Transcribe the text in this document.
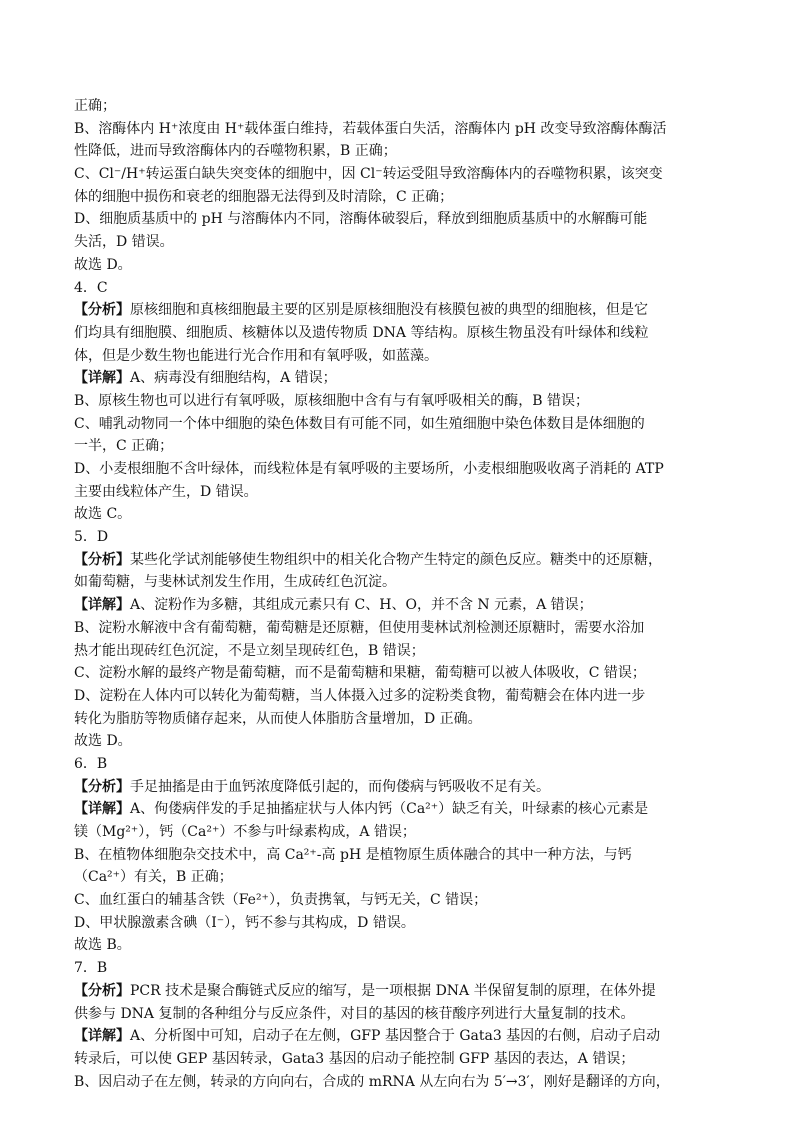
正确；
B、溶酶体内 H⁺浓度由 H⁺载体蛋白维持，若载体蛋白失活，溶酶体内 pH 改变导致溶酶体酶活
性降低，进而导致溶酶体内的吞噬物积累，B 正确；
C、Cl⁻/H⁺转运蛋白缺失突变体的细胞中，因 Cl⁻转运受阻导致溶酶体内的吞噬物积累，该突变
体的细胞中损伤和衰老的细胞器无法得到及时清除，C 正确；
D、细胞质基质中的 pH 与溶酶体内不同，溶酶体破裂后，释放到细胞质基质中的水解酶可能
失活，D 错误。
故选 D。
4．C
【分析】原核细胞和真核细胞最主要的区别是原核细胞没有核膜包被的典型的细胞核，但是它
们均具有细胞膜、细胞质、核糖体以及遗传物质 DNA 等结构。原核生物虽没有叶绿体和线粒
体，但是少数生物也能进行光合作用和有氧呼吸，如蓝藻。
【详解】A、病毒没有细胞结构，A 错误；
B、原核生物也可以进行有氧呼吸，原核细胞中含有与有氧呼吸相关的酶，B 错误；
C、哺乳动物同一个体中细胞的染色体数目有可能不同，如生殖细胞中染色体数目是体细胞的
一半，C 正确；
D、小麦根细胞不含叶绿体，而线粒体是有氧呼吸的主要场所，小麦根细胞吸收离子消耗的 ATP
主要由线粒体产生，D 错误。
故选 C。
5．D
【分析】某些化学试剂能够使生物组织中的相关化合物产生特定的颜色反应。糖类中的还原糖，
如葡萄糖，与斐林试剂发生作用，生成砖红色沉淀。
【详解】A、淀粉作为多糖，其组成元素只有 C、H、O，并不含 N 元素，A 错误；
B、淀粉水解液中含有葡萄糖，葡萄糖是还原糖，但使用斐林试剂检测还原糖时，需要水浴加
热才能出现砖红色沉淀，不是立刻呈现砖红色，B 错误；
C、淀粉水解的最终产物是葡萄糖，而不是葡萄糖和果糖，葡萄糖可以被人体吸收，C 错误；
D、淀粉在人体内可以转化为葡萄糖，当人体摄入过多的淀粉类食物，葡萄糖会在体内进一步
转化为脂肪等物质储存起来，从而使人体脂肪含量增加，D 正确。
故选 D。
6．B
【分析】手足抽搐是由于血钙浓度降低引起的，而佝偻病与钙吸收不足有关。
【详解】A、佝偻病伴发的手足抽搐症状与人体内钙（Ca²⁺）缺乏有关，叶绿素的核心元素是
镁（Mg²⁺），钙（Ca²⁺）不参与叶绿素构成，A 错误；
B、在植物体细胞杂交技术中，高 Ca²⁺-高 pH 是植物原生质体融合的其中一种方法，与钙
（Ca²⁺）有关，B 正确；
C、血红蛋白的辅基含铁（Fe²⁺），负责携氧，与钙无关，C 错误；
D、甲状腺激素含碘（I⁻），钙不参与其构成，D 错误。
故选 B。
7．B
【分析】PCR 技术是聚合酶链式反应的缩写，是一项根据 DNA 半保留复制的原理，在体外提
供参与 DNA 复制的各种组分与反应条件，对目的基因的核苷酸序列进行大量复制的技术。
【详解】A、分析图中可知，启动子在左侧，GFP 基因整合于 Gata3 基因的右侧，启动子启动
转录后，可以使 GEP 基因转录，Gata3 基因的启动子能控制 GFP 基因的表达，A 错误；
B、因启动子在左侧，转录的方向向右，合成的 mRNA 从左向右为 5′→3′，刚好是翻译的方向，
